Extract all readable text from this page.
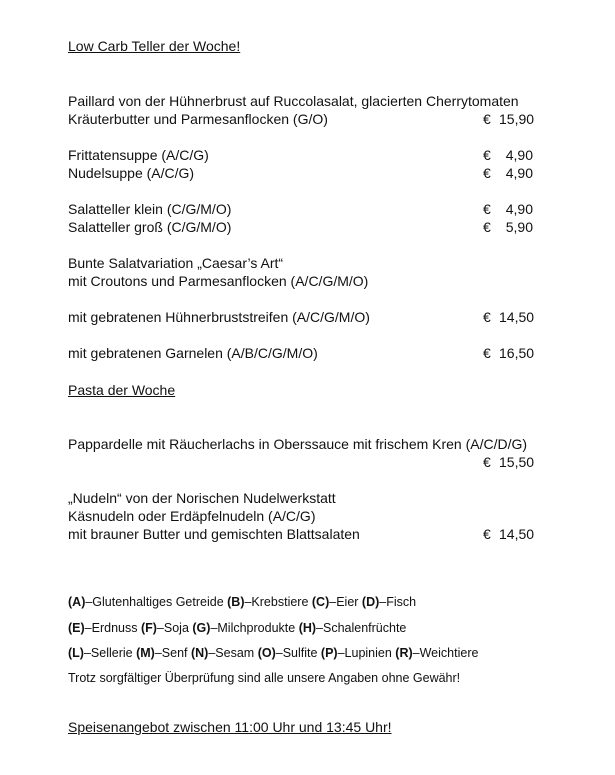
Low Carb Teller der Woche!
Paillard von der Hühnerbrust auf Ruccolasalat, glacierten Cherrytomaten
Kräuterbutter und Parmesanflocken (G/O)	€ 15,90
Frittatensuppe (A/C/G)	€ 4,90
Nudelsuppe (A/C/G)	€ 4,90
Salatteller klein (C/G/M/O)	€ 4,90
Salatteller groß (C/G/M/O)	€ 5,90
Bunte Salatvariation „Caesar’s Art“
mit Croutons und Parmesanflocken (A/C/G/M/O)
mit gebratenen Hühnerbruststreifen (A/C/G/M/O)	€ 14,50
mit gebratenen Garnelen (A/B/C/G/M/O)	€ 16,50
Pasta der Woche
Pappardelle mit Räucherlachs in Oberssauce mit frischem Kren (A/C/D/G)
€ 15,50
„Nudeln“ von der Norischen Nudelwerkstatt
Käsnudeln oder Erdäpfelnudeln (A/C/G)
mit brauner Butter und gemischten Blattsalaten	€ 14,50
(A)–Glutenhaltiges Getreide (B)–Krebstiere (C)–Eier (D)–Fisch
(E)–Erdnuss (F)–Soja (G)–Milchprodukte (H)–Schalenfrüchte
(L)–Sellerie (M)–Senf (N)–Sesam (O)–Sulfite (P)–Lupinien (R)–Weichtiere
Trotz sorgfältiger Überprüfung sind alle unsere Angaben ohne Gewähr!
Speisenangebot zwischen 11:00 Uhr und 13:45 Uhr!
